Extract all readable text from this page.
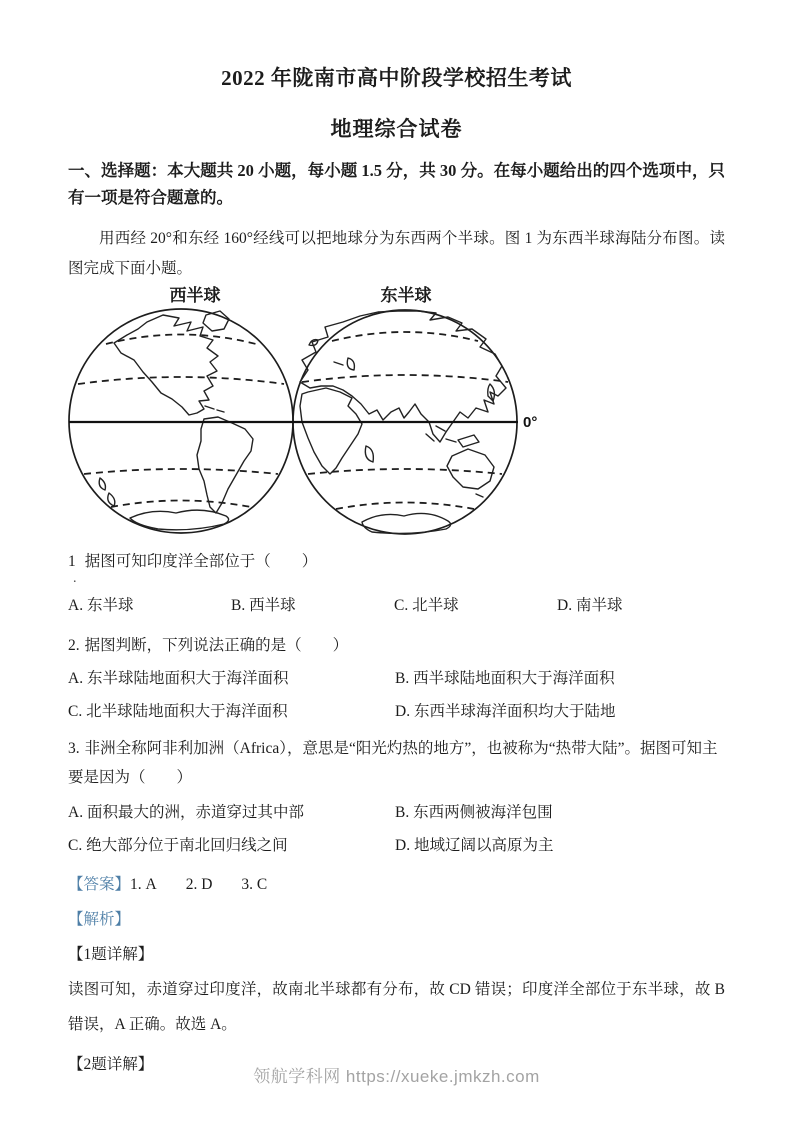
2022 年陇南市高中阶段学校招生考试
地理综合试卷

一、选择题：本大题共 20 小题，每小题 1.5 分，共 30 分。在每小题给出的四个选项中，只有一项是符合题意的。

用西经 20°和东经 160°经线可以把地球分为东西两个半球。图 1 为东西半球海陆分布图。读图完成下面小题。

西半球	东半球
0°
1 据图可知印度洋全部位于（　　）
.
A. 东半球	B. 西半球	C. 北半球	D. 南半球
2. 据图判断，下列说法正确的是（　　）
A. 东半球陆地面积大于海洋面积	B. 西半球陆地面积大于海洋面积
C. 北半球陆地面积大于海洋面积	D. 东西半球海洋面积均大于陆地
3. 非洲全称阿非利加洲（Africa），意思是“阳光灼热的地方”，也被称为“热带大陆”。据图可知主要是因为（　　）
A. 面积最大的洲，赤道穿过其中部	B. 东西两侧被海洋包围
C. 绝大部分位于南北回归线之间	D. 地域辽阔以高原为主
【答案】1. A 2. D 3. C
【解析】
【1题详解】

读图可知，赤道穿过印度洋，故南北半球都有分布，故 CD 错误；印度洋全部位于东半球，故 B 错误，A 正确。故选 A。

【2题详解】
领航学科网 https://xueke.jmkzh.com
